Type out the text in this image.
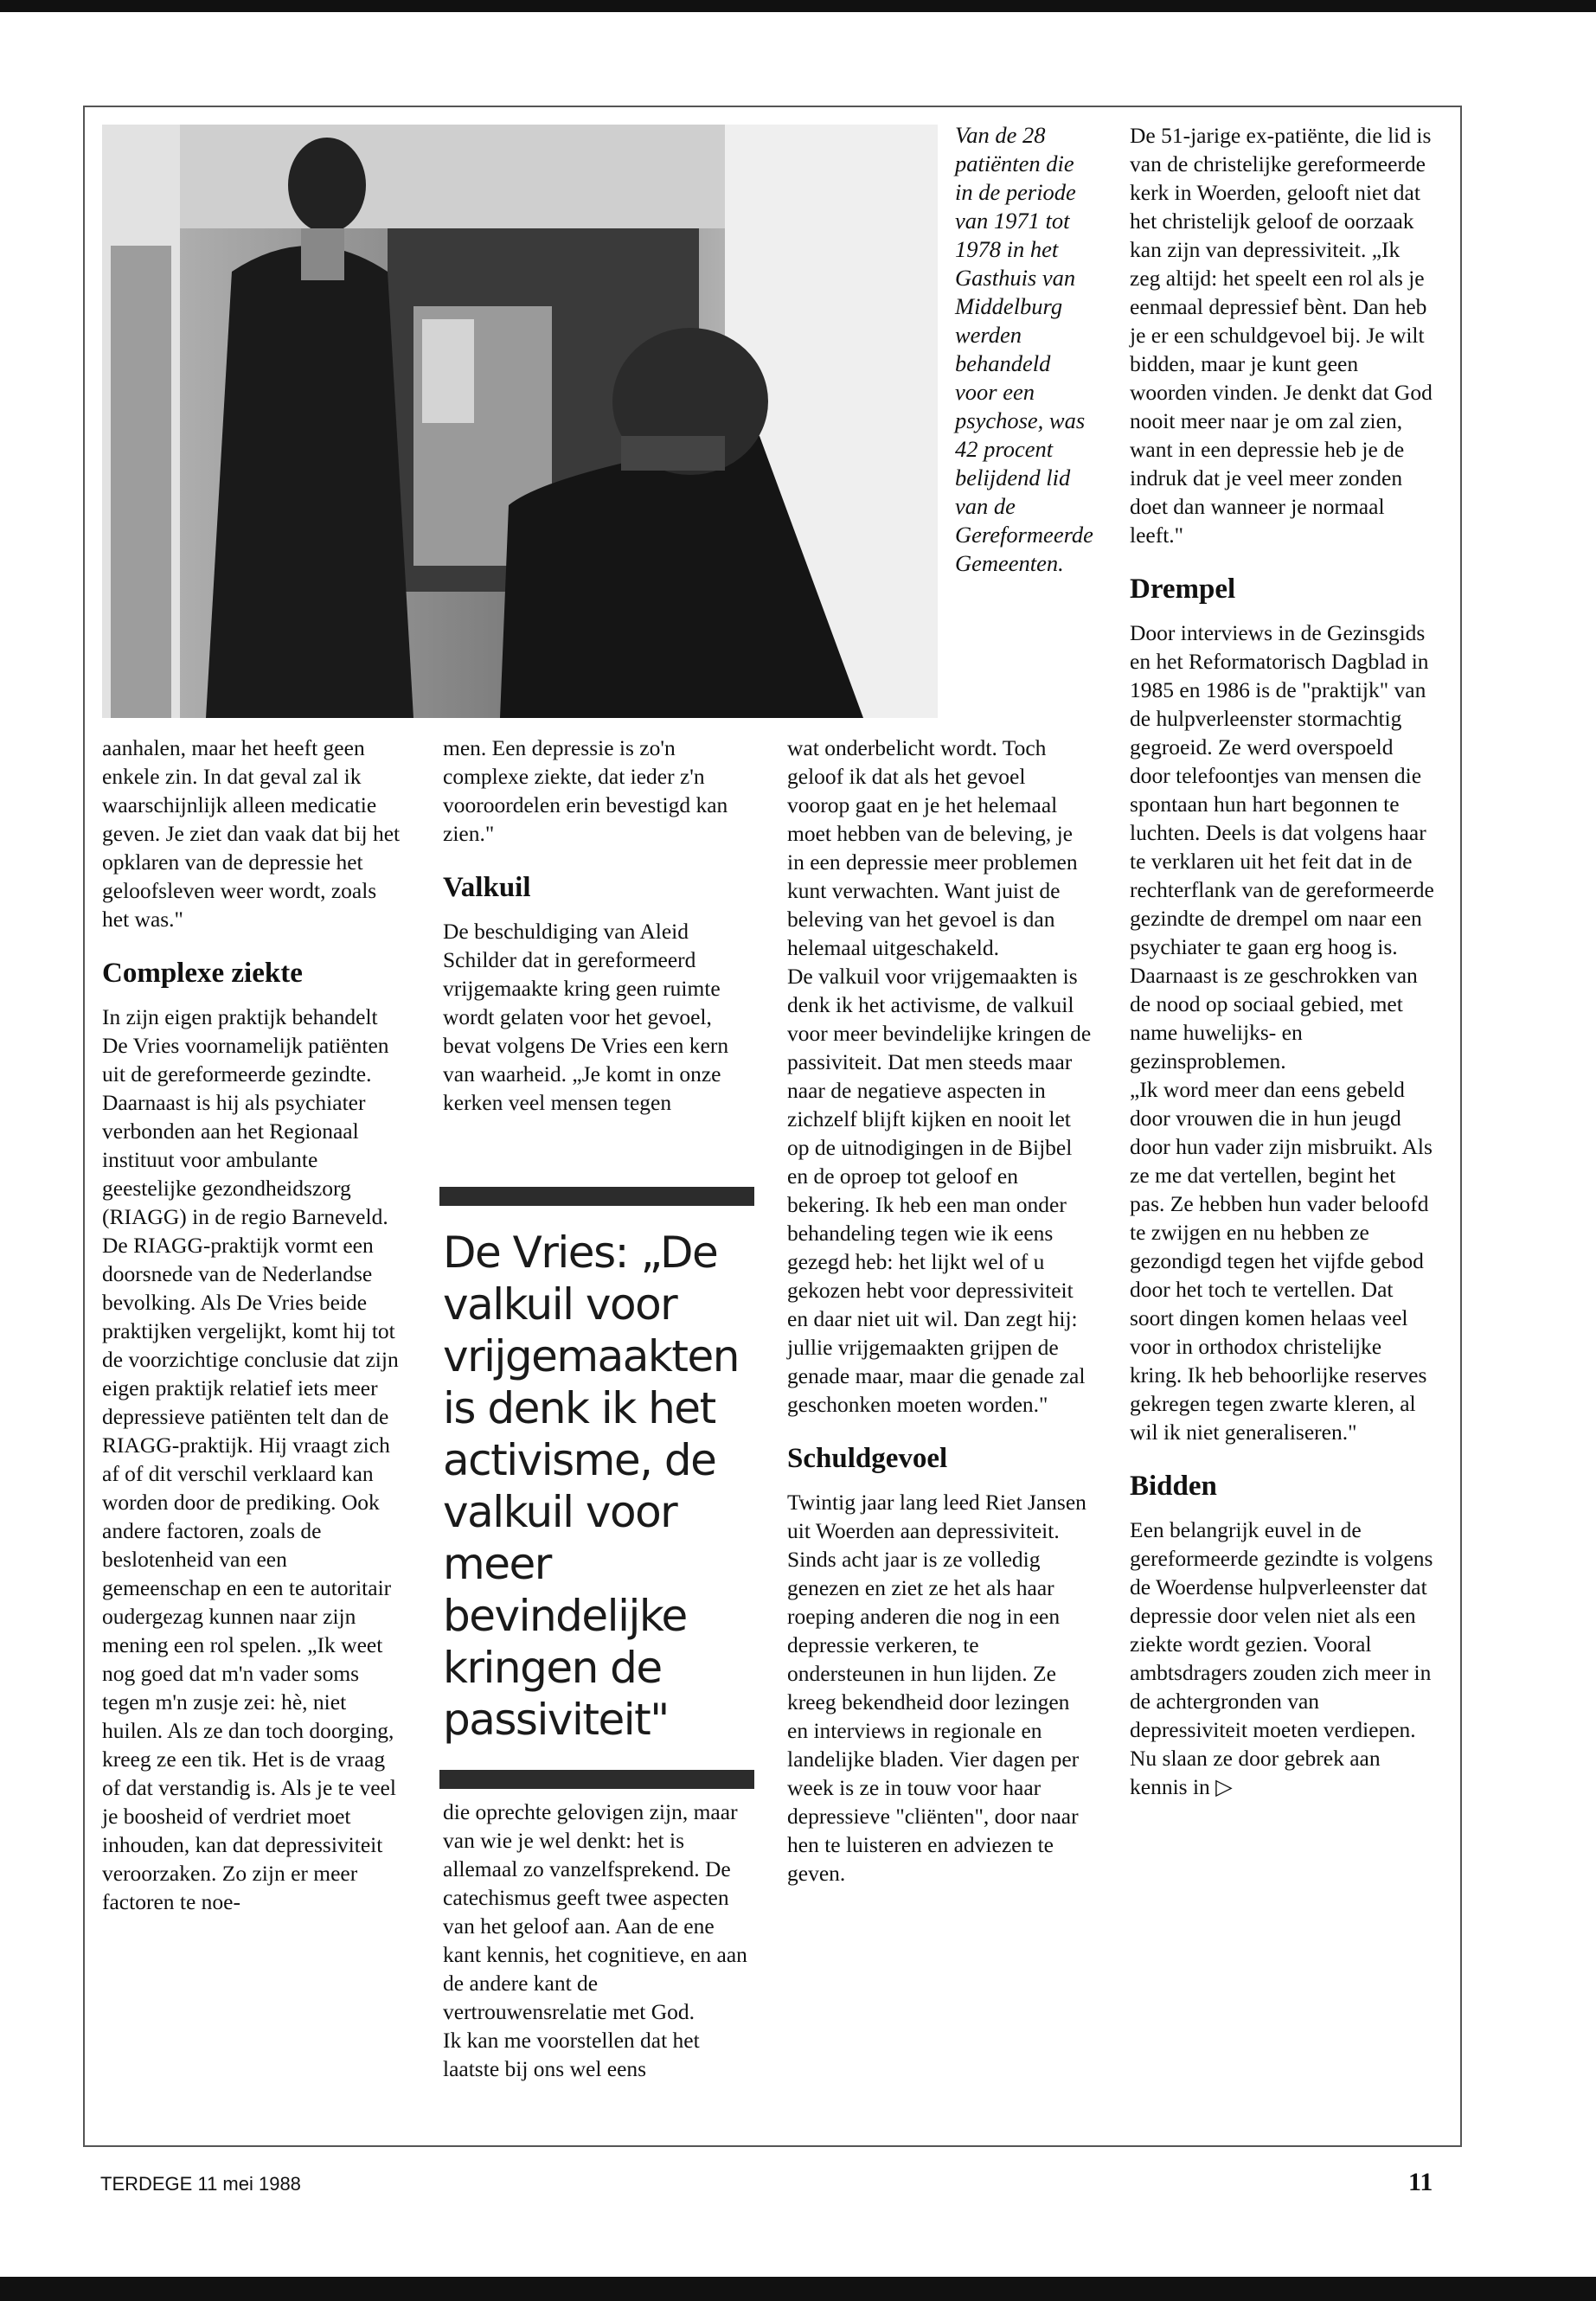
Van de 28 patiënten die in de periode van 1971 tot 1978 in het Gasthuis van Middelburg werden behandeld voor een psychose, was 42 procent belijdend lid van de Gereformeerde Gemeenten.

aanhalen, maar het heeft geen enkele zin. In dat geval zal ik waarschijnlijk alleen medicatie geven. Je ziet dan vaak dat bij het opklaren van de depressie het geloofsleven weer wordt, zoals het was."

Complexe ziekte

In zijn eigen praktijk behandelt De Vries voornamelijk patiënten uit de gereformeerde gezindte. Daarnaast is hij als psychiater verbonden aan het Regionaal instituut voor ambulante geestelijke gezondheidszorg (RIAGG) in de regio Barneveld. De RIAGG-praktijk vormt een doorsnede van de Nederlandse bevolking. Als De Vries beide praktijken vergelijkt, komt hij tot de voorzichtige conclusie dat zijn eigen praktijk relatief iets meer depressieve patiënten telt dan de RIAGG-praktijk. Hij vraagt zich af of dit verschil verklaard kan worden door de prediking. Ook andere factoren, zoals de beslotenheid van een gemeenschap en een te autoritair oudergezag kunnen naar zijn mening een rol spelen. „Ik weet nog goed dat m'n vader soms tegen m'n zusje zei: hè, niet huilen. Als ze dan toch doorging, kreeg ze een tik. Het is de vraag of dat verstandig is. Als je te veel je boosheid of verdriet moet inhouden, kan dat depressiviteit veroorzaken. Zo zijn er meer factoren te noe-

men. Een depressie is zo'n complexe ziekte, dat ieder z'n vooroordelen erin bevestigd kan zien."

Valkuil

De beschuldiging van Aleid Schilder dat in gereformeerd vrijgemaakte kring geen ruimte wordt gelaten voor het gevoel, bevat volgens De Vries een kern van waarheid. „Je komt in onze kerken veel mensen tegen

De Vries: „De valkuil voor vrijgemaakten is denk ik het activisme, de valkuil voor meer bevindelijke kringen de passiviteit"

die oprechte gelovigen zijn, maar van wie je wel denkt: het is allemaal zo vanzelfsprekend. De catechismus geeft twee aspecten van het geloof aan. Aan de ene kant kennis, het cognitieve, en aan de andere kant de vertrouwensrelatie met God.

Ik kan me voorstellen dat het laatste bij ons wel eens

wat onderbelicht wordt. Toch geloof ik dat als het gevoel voorop gaat en je het helemaal moet hebben van de beleving, je in een depressie meer problemen kunt verwachten. Want juist de beleving van het gevoel is dan helemaal uitgeschakeld.

De valkuil voor vrijgemaakten is denk ik het activisme, de valkuil voor meer bevindelijke kringen de passiviteit. Dat men steeds maar naar de negatieve aspecten in zichzelf blijft kijken en nooit let op de uitnodigingen in de Bijbel en de oproep tot geloof en bekering. Ik heb een man onder behandeling tegen wie ik eens gezegd heb: het lijkt wel of u gekozen hebt voor depressiviteit en daar niet uit wil. Dan zegt hij: jullie vrijgemaakten grijpen de genade maar, maar die genade zal geschonken moeten worden."

Schuldgevoel

Twintig jaar lang leed Riet Jansen uit Woerden aan depressiviteit. Sinds acht jaar is ze volledig genezen en ziet ze het als haar roeping anderen die nog in een depressie verkeren, te ondersteunen in hun lijden. Ze kreeg bekendheid door lezingen en interviews in regionale en landelijke bladen. Vier dagen per week is ze in touw voor haar depressieve "cliënten", door naar hen te luisteren en adviezen te geven.

De 51-jarige ex-patiënte, die lid is van de christelijke gereformeerde kerk in Woerden, gelooft niet dat het christelijk geloof de oorzaak kan zijn van depressiviteit. „Ik zeg altijd: het speelt een rol als je eenmaal depressief bènt. Dan heb je er een schuldgevoel bij. Je wilt bidden, maar je kunt geen woorden vinden. Je denkt dat God nooit meer naar je om zal zien, want in een depressie heb je de indruk dat je veel meer zonden doet dan wanneer je normaal leeft."

Drempel

Door interviews in de Gezinsgids en het Reformatorisch Dagblad in 1985 en 1986 is de "praktijk" van de hulpverleenster stormachtig gegroeid. Ze werd overspoeld door telefoontjes van mensen die spontaan hun hart begonnen te luchten. Deels is dat volgens haar te verklaren uit het feit dat in de rechterflank van de gereformeerde gezindte de drempel om naar een psychiater te gaan erg hoog is. Daarnaast is ze geschrokken van de nood op sociaal gebied, met name huwelijks- en gezinsproblemen.

„Ik word meer dan eens gebeld door vrouwen die in hun jeugd door hun vader zijn misbruikt. Als ze me dat vertellen, begint het pas. Ze hebben hun vader beloofd te zwijgen en nu hebben ze gezondigd tegen het vijfde gebod door het toch te vertellen. Dat soort dingen komen helaas veel voor in orthodox christelijke kring. Ik heb behoorlijke reserves gekregen tegen zwarte kleren, al wil ik niet generaliseren."

Bidden

Een belangrijk euvel in de gereformeerde gezindte is volgens de Woerdense hulpverleenster dat depressie door velen niet als een ziekte wordt gezien. Vooral ambtsdragers zouden zich meer in de achtergronden van depressiviteit moeten verdiepen. Nu slaan ze door gebrek aan kennis in ▷

TERDEGE 11 mei 1988	11
